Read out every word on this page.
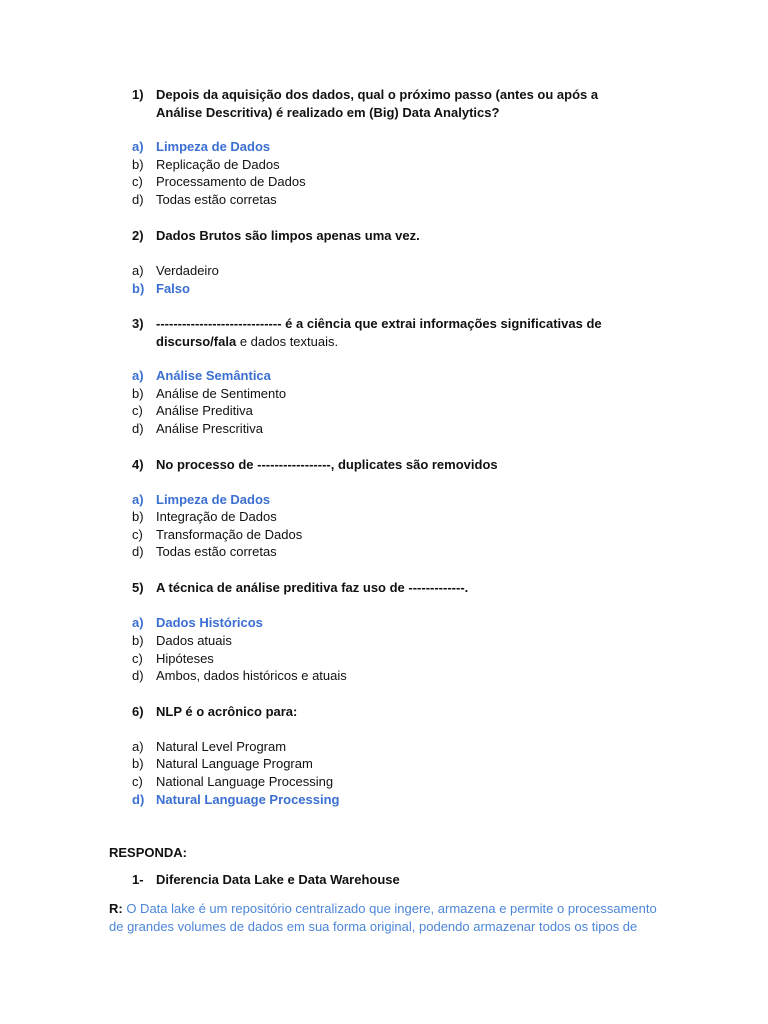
1) Depois da aquisição dos dados, qual o próximo passo (antes ou após a Análise Descritiva) é realizado em (Big) Data Analytics?
a) Limpeza de Dados
b) Replicação de Dados
c) Processamento de Dados
d) Todas estão corretas
2) Dados Brutos são limpos apenas uma vez.
a) Verdadeiro
b) Falso
3) ----------------------------- é a ciência que extrai informações significativas de discurso/fala e dados textuais.
a) Análise Semântica
b) Análise de Sentimento
c) Análise Preditiva
d) Análise Prescritiva
4) No processo de -----------------, duplicates são removidos
a) Limpeza de Dados
b) Integração de Dados
c) Transformação de Dados
d) Todas estão corretas
5) A técnica de análise preditiva faz uso de -------------.
a) Dados Históricos
b) Dados atuais
c) Hipóteses
d) Ambos, dados históricos e atuais
6) NLP é o acrônico para:
a) Natural Level Program
b) Natural Language Program
c) National Language Processing
d) Natural Language Processing
RESPONDA:
1- Diferencia Data Lake e Data Warehouse
R: O Data lake é um repositório centralizado que ingere, armazena e permite o processamento de grandes volumes de dados em sua forma original, podendo armazenar todos os tipos de
